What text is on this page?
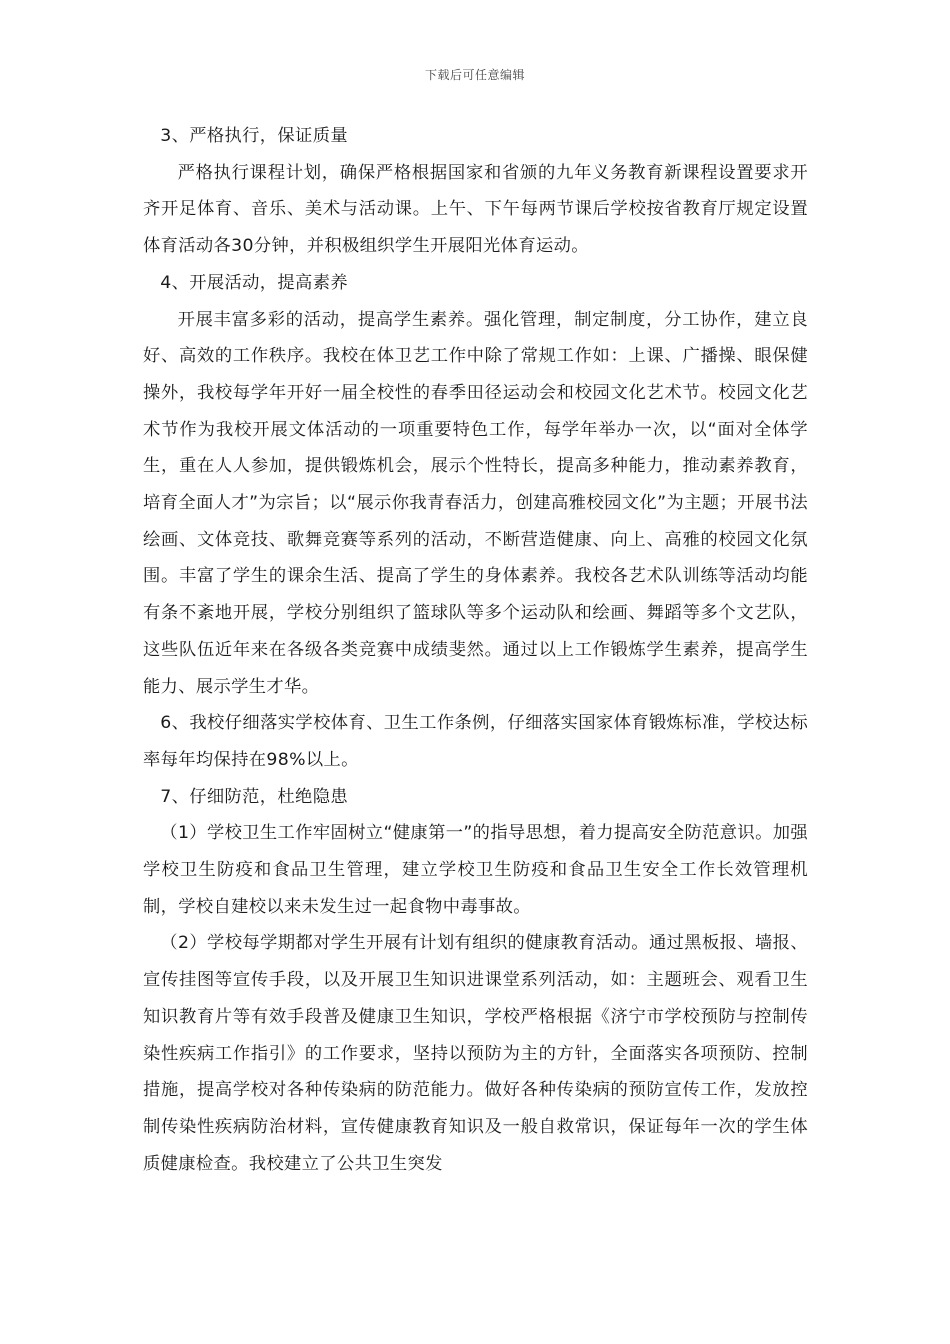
下载后可任意编辑

3、严格执行，保证质量

严格执行课程计划，确保严格根据国家和省颁的九年义务教育新课程设置要求开齐开足体育、音乐、美术与活动课。上午、下午每两节课后学校按省教育厅规定设置体育活动各30分钟，并积极组织学生开展阳光体育运动。

4、开展活动，提高素养

开展丰富多彩的活动，提高学生素养。强化管理，制定制度，分工协作，建立良好、高效的工作秩序。我校在体卫艺工作中除了常规工作如：上课、广播操、眼保健操外，我校每学年开好一届全校性的春季田径运动会和校园文化艺术节。校园文化艺术节作为我校开展文体活动的一项重要特色工作，每学年举办一次，以“面对全体学生，重在人人参加，提供锻炼机会，展示个性特长，提高多种能力，推动素养教育，培育全面人才”为宗旨；以“展示你我青春活力，创建高雅校园文化”为主题；开展书法绘画、文体竞技、歌舞竞赛等系列的活动，不断营造健康、向上、高雅的校园文化氛围。丰富了学生的课余生活、提高了学生的身体素养。我校各艺术队训练等活动均能有条不紊地开展，学校分别组织了篮球队等多个运动队和绘画、舞蹈等多个文艺队，这些队伍近年来在各级各类竞赛中成绩斐然。通过以上工作锻炼学生素养，提高学生能力、展示学生才华。

6、我校仔细落实学校体育、卫生工作条例，仔细落实国家体育锻炼标准，学校达标率每年均保持在98%以上。

7、仔细防范，杜绝隐患

（1）学校卫生工作牢固树立“健康第一”的指导思想，着力提高安全防范意识。加强学校卫生防疫和食品卫生管理，建立学校卫生防疫和食品卫生安全工作长效管理机制，学校自建校以来未发生过一起食物中毒事故。

（2）学校每学期都对学生开展有计划有组织的健康教育活动。通过黑板报、墙报、宣传挂图等宣传手段，以及开展卫生知识进课堂系列活动，如：主题班会、观看卫生知识教育片等有效手段普及健康卫生知识，学校严格根据《济宁市学校预防与控制传染性疾病工作指引》的工作要求，坚持以预防为主的方针，全面落实各项预防、控制措施，提高学校对各种传染病的防范能力。做好各种传染病的预防宣传工作，发放控制传染性疾病防治材料，宣传健康教育知识及一般自救常识，保证每年一次的学生体质健康检查。我校建立了公共卫生突发
